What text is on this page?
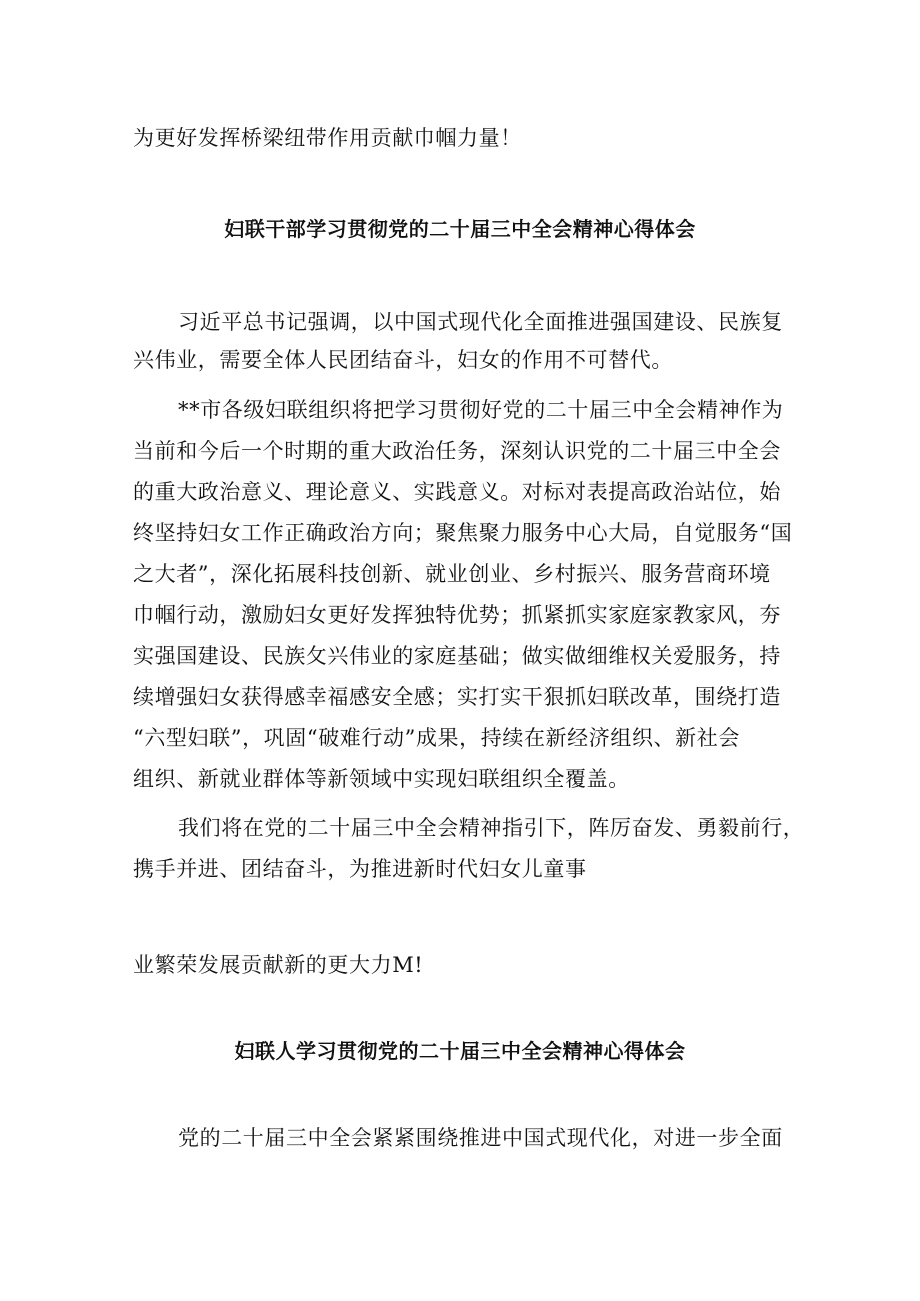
为更好发挥桥梁纽带作用贡献巾帼力量！
妇联干部学习贯彻党的二十届三中全会精神心得体会
习近平总书记强调，以中国式现代化全面推进强国建设、民族复
兴伟业，需要全体人民团结奋斗，妇女的作用不可替代。
**市各级妇联组织将把学习贯彻好党的二十届三中全会精神作为
当前和今后一个时期的重大政治任务，深刻认识党的二十届三中全会
的重大政治意义、理论意义、实践意义。对标对表提高政治站位，始
终坚持妇女工作正确政治方向；聚焦聚力服务中心大局，自觉服务“国
之大者”，深化拓展科技创新、就业创业、乡村振兴、服务营商环境
巾帼行动，激励妇女更好发挥独特优势；抓紧抓实家庭家教家风，夯
实强国建设、民族攵兴伟业的家庭基础；做实做细维权关爱服务，持
续增强妇女获得感幸福感安全感；实打实干狠抓妇联改革，围绕打造
“六型妇联”，巩固“破难行动”成果，持续在新经济组织、新社会
组织、新就业群体等新领域中实现妇联组织全覆盖。
我们将在党的二十届三中全会精神指引下，阵厉奋发、勇毅前行，
携手并进、团结奋斗，为推进新时代妇女儿童事
业繁荣发展贡献新的更大力M!
妇联人学习贯彻党的二十届三中全会精神心得体会
党的二十届三中全会紧紧围绕推进中国式现代化，对进一步全面
